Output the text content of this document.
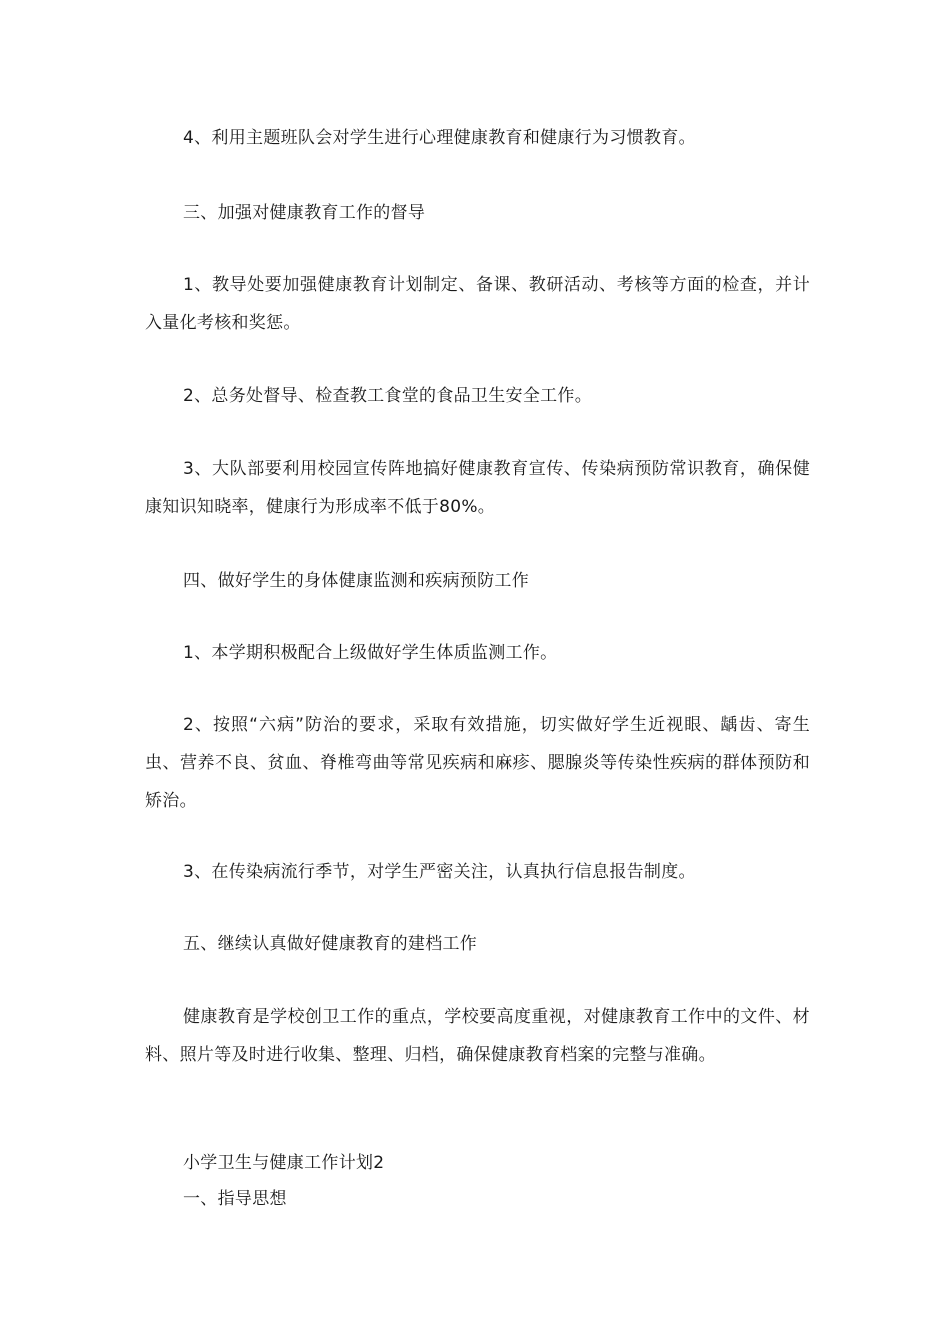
4、利用主题班队会对学生进行心理健康教育和健康行为习惯教育。

三、加强对健康教育工作的督导

1、教导处要加强健康教育计划制定、备课、教研活动、考核等方面的检查，并计入量化考核和奖惩。

2、总务处督导、检查教工食堂的食品卫生安全工作。

3、大队部要利用校园宣传阵地搞好健康教育宣传、传染病预防常识教育，确保健康知识知晓率，健康行为形成率不低于80%。

四、做好学生的身体健康监测和疾病预防工作

1、本学期积极配合上级做好学生体质监测工作。

2、按照“六病”防治的要求，采取有效措施，切实做好学生近视眼、龋齿、寄生虫、营养不良、贫血、脊椎弯曲等常见疾病和麻疹、腮腺炎等传染性疾病的群体预防和矫治。

3、在传染病流行季节，对学生严密关注，认真执行信息报告制度。

五、继续认真做好健康教育的建档工作

健康教育是学校创卫工作的重点，学校要高度重视，对健康教育工作中的文件、材料、照片等及时进行收集、整理、归档，确保健康教育档案的完整与准确。

小学卫生与健康工作计划2
一、指导思想
